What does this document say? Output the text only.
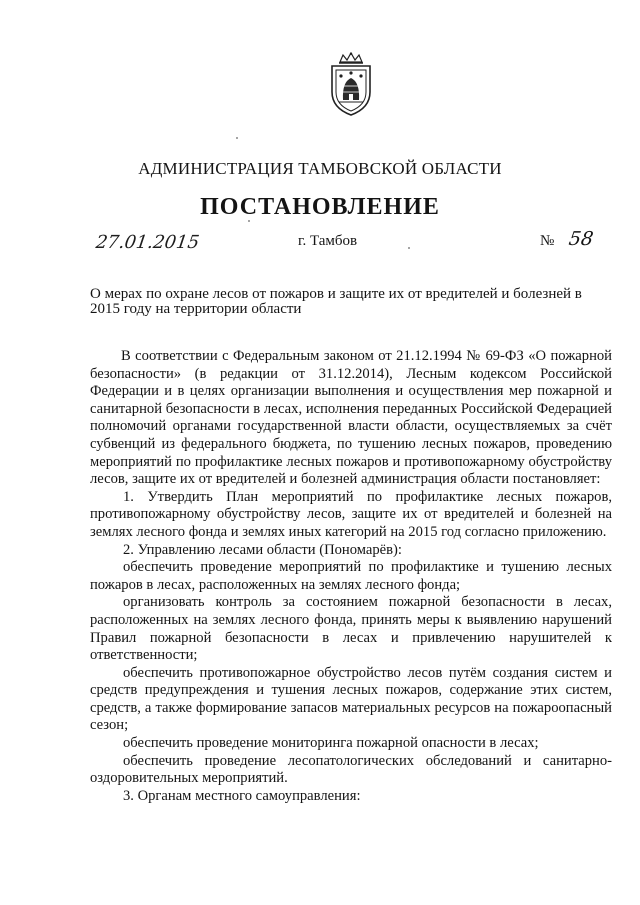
АДМИНИСТРАЦИЯ ТАМБОВСКОЙ ОБЛАСТИ
ПОСТАНОВЛЕНИЕ
27.01.2015	г. Тамбов	№ 58
О мерах по охране лесов от пожаров и защите их от вредителей и болезней в 2015 году на территории области

В соответствии с Федеральным законом от 21.12.1994 № 69-ФЗ «О пожарной безопасности» (в редакции от 31.12.2014), Лесным кодексом Российской Федерации и в целях организации выполнения и осуществления мер пожарной и санитарной безопасности в лесах, исполнения переданных Российской Федерацией полномочий органами государственной власти области, осуществляемых за счёт субвенций из федерального бюджета, по тушению лесных пожаров, проведению мероприятий по профилактике лесных пожаров и противопожарному обустройству лесов, защите их от вредителей и болезней администрация области постановляет:

1. Утвердить План мероприятий по профилактике лесных пожаров, противопожарному обустройству лесов, защите их от вредителей и болезней на землях лесного фонда и землях иных категорий на 2015 год согласно приложению.

2. Управлению лесами области (Пономарёв):

обеспечить проведение мероприятий по профилактике и тушению лесных пожаров в лесах, расположенных на землях лесного фонда;

организовать контроль за состоянием пожарной безопасности в лесах, расположенных на землях лесного фонда, принять меры к выявлению нарушений Правил пожарной безопасности в лесах и привлечению нарушителей к ответственности;

обеспечить противопожарное обустройство лесов путём создания систем и средств предупреждения и тушения лесных пожаров, содержание этих систем, средств, а также формирование запасов материальных ресурсов на пожароопасный сезон;

обеспечить проведение мониторинга пожарной опасности в лесах;

обеспечить проведение лесопатологических обследований и санитарно-оздоровительных мероприятий.

3. Органам местного самоуправления:
